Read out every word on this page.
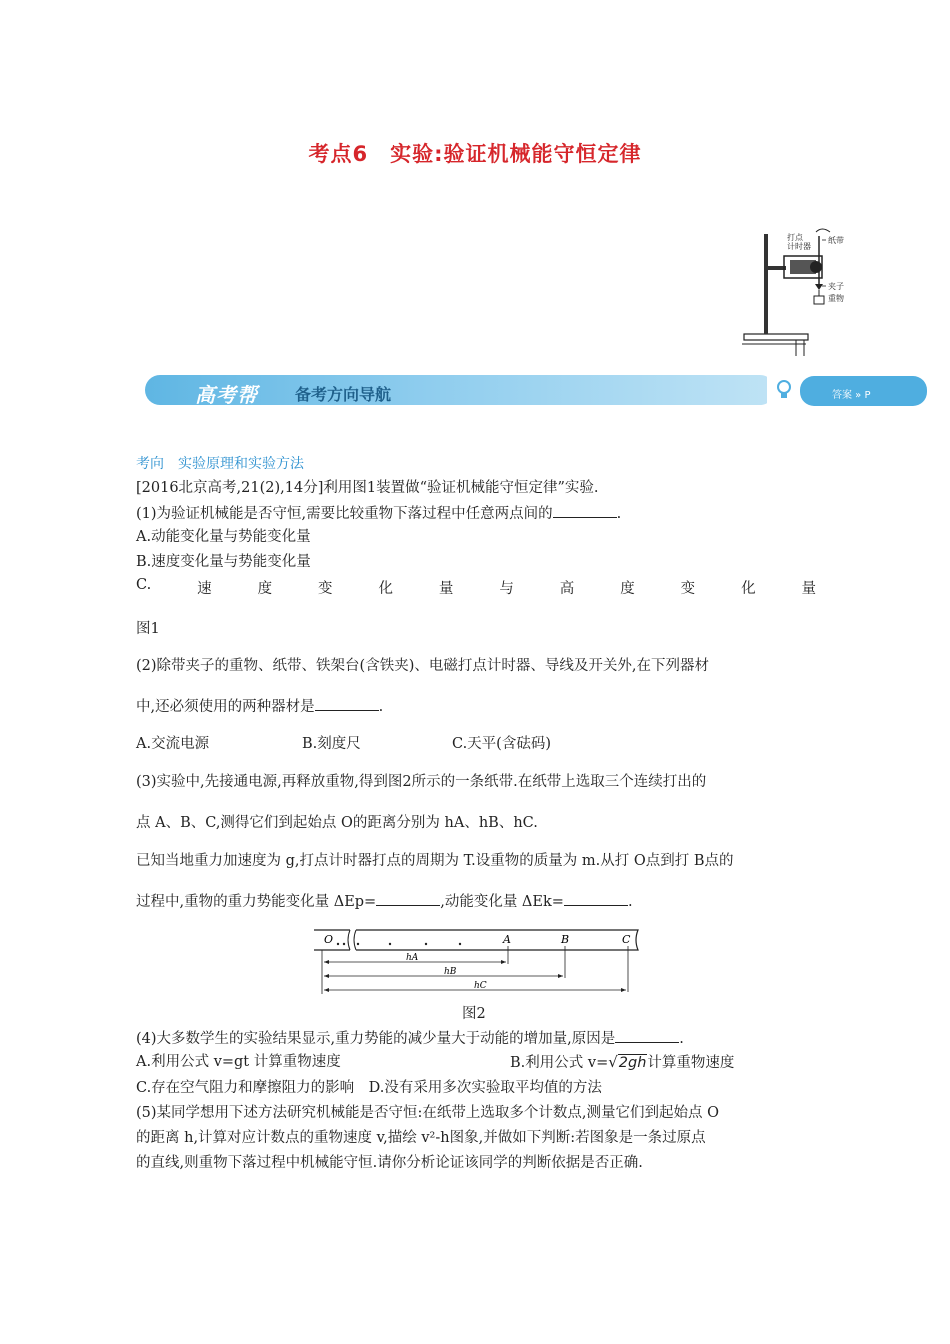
考点6　实验:验证机械能守恒定律
打点
计时器
纸带
夹子
重物
高考帮 备考方向导航	答案 » P
考向　实验原理和实验方法
[2016北京高考,21(2),14分]利用图1装置做“验证机械能守恒定律”实验.
(1)为验证机械能是否守恒,需要比较重物下落过程中任意两点间的	.
A.动能变化量与势能变化量
B.速度变化量与势能变化量
C.	速	度	变	化	量	与	高	度	变	化	量
图1
(2)除带夹子的重物、纸带、铁架台(含铁夹)、电磁打点计时器、导线及开关外,在下列器材
中,还必须使用的两种器材是	.
A.交流电源	B.刻度尺	C.天平(含砝码)
(3)实验中,先接通电源,再释放重物,得到图2所示的一条纸带.在纸带上选取三个连续打出的
点 A、B、C,测得它们到起始点 O的距离分别为 hA、hB、hC.
已知当地重力加速度为 g,打点计时器打点的周期为 T.设重物的质量为 m.从打 O点到打 B点的
过程中,重物的重力势能变化量 ΔEp=	,动能变化量 ΔEk=	.
O	A	B	C
hA
hB
hC
图2
(4)大多数学生的实验结果显示,重力势能的减少量大于动能的增加量,原因是	.
A.利用公式 v=gt 计算重物速度	B.利用公式 v=√2gh计算重物速度
C.存在空气阻力和摩擦阻力的影响　D.没有采用多次实验取平均值的方法
(5)某同学想用下述方法研究机械能是否守恒:在纸带上选取多个计数点,测量它们到起始点 O
的距离 h,计算对应计数点的重物速度 v,描绘 v²-h图象,并做如下判断:若图象是一条过原点
的直线,则重物下落过程中机械能守恒.请你分析论证该同学的判断依据是否正确.
